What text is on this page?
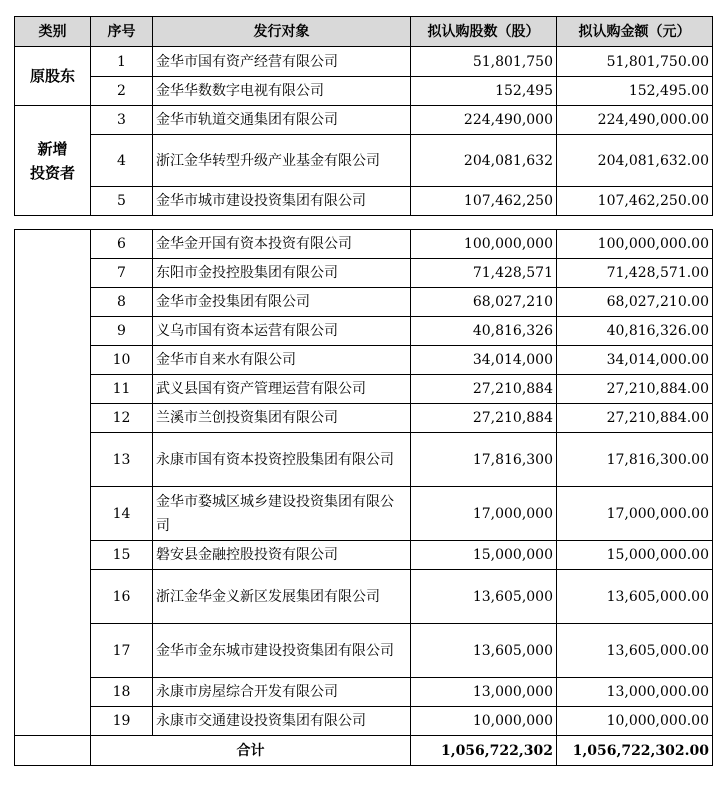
类别	序号	发行对象	拟认购股数（股）	拟认购金额（元）
原股东	1	金华市国有资产经营有限公司	51,801,750	51,801,750.00
	2	金华华数数字电视有限公司	152,495	152,495.00

新增
投资者	3	金华市轨道交通集团有限公司	224,490,000	224,490,000.00
	4	浙江金华转型升级产业基金有限公司	204,081,632	204,081,632.00
	5	金华市城市建设投资集团有限公司	107,462,250	107,462,250.00
	6	金华金开国有资本投资有限公司	100,000,000	100,000,000.00
	7	东阳市金投控股集团有限公司	71,428,571	71,428,571.00
	8	金华市金投集团有限公司	68,027,210	68,027,210.00
	9	义乌市国有资本运营有限公司	40,816,326	40,816,326.00
	10	金华市自来水有限公司	34,014,000	34,014,000.00
	11	武义县国有资产管理运营有限公司	27,210,884	27,210,884.00
	12	兰溪市兰创投资集团有限公司	27,210,884	27,210,884.00
	13	永康市国有资本投资控股集团有限公司	17,816,300	17,816,300.00
	14	金华市婺城区城乡建设投资集团有限公司	17,000,000	17,000,000.00
	15	磐安县金融控股投资有限公司	15,000,000	15,000,000.00
	16	浙江金华金义新区发展集团有限公司	13,605,000	13,605,000.00
	17	金华市金东城市建设投资集团有限公司	13,605,000	13,605,000.00
	18	永康市房屋综合开发有限公司	13,000,000	13,000,000.00
	19	永康市交通建设投资集团有限公司	10,000,000	10,000,000.00
	合计		1,056,722,302	1,056,722,302.00
